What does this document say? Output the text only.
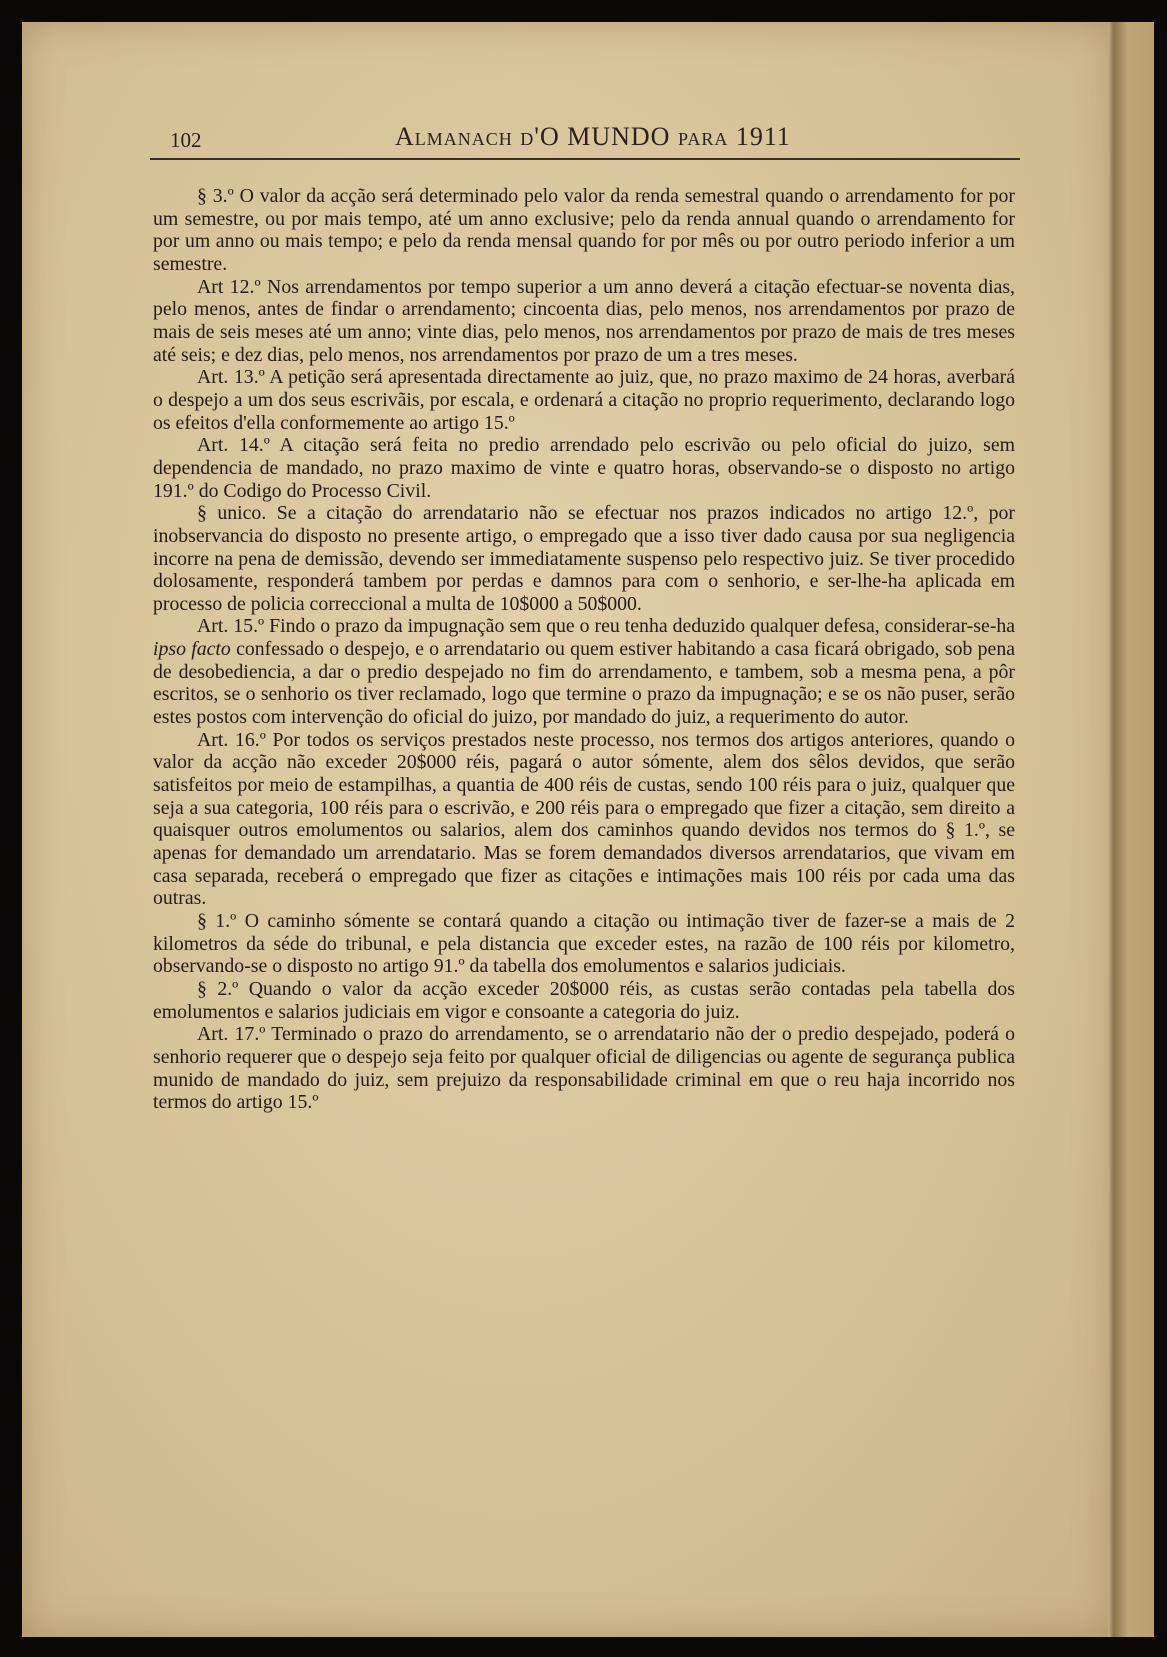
102	Almanach d'O MUNDO para 1911

§ 3.º O valor da acção será determinado pelo valor da renda semestral quando o arrendamento for por um semestre, ou por mais tempo, até um anno exclusive; pelo da renda annual quando o arrendamento for por um anno ou mais tempo; e pelo da renda mensal quando for por mês ou por outro periodo inferior a um semestre.

Art 12.º Nos arrendamentos por tempo superior a um anno deverá a citação efectuar-se noventa dias, pelo menos, antes de findar o arrendamento; cincoenta dias, pelo menos, nos arrendamentos por prazo de mais de seis meses até um anno; vinte dias, pelo menos, nos arrendamentos por prazo de mais de tres meses até seis; e dez dias, pelo menos, nos arrendamentos por prazo de um a tres meses.

Art. 13.º A petição será apresentada directamente ao juiz, que, no prazo maximo de 24 horas, averbará o despejo a um dos seus escrivãis, por escala, e ordenará a citação no proprio requerimento, declarando logo os efeitos d'ella conformemente ao artigo 15.º

Art. 14.º A citação será feita no predio arrendado pelo escrivão ou pelo oficial do juizo, sem dependencia de mandado, no prazo maximo de vinte e quatro horas, observando-se o disposto no artigo 191.º do Codigo do Processo Civil.

§ unico. Se a citação do arrendatario não se efectuar nos prazos indicados no artigo 12.º, por inobservancia do disposto no presente artigo, o empregado que a isso tiver dado causa por sua negligencia incorre na pena de demissão, devendo ser immediatamente suspenso pelo respectivo juiz. Se tiver procedido dolosamente, responderá tambem por perdas e damnos para com o senhorio, e ser-lhe-ha aplicada em processo de policia correccional a multa de 10$000 a 50$000.

Art. 15.º Findo o prazo da impugnação sem que o reu tenha deduzido qualquer defesa, considerar-se-ha ipso facto confessado o despejo, e o arrendatario ou quem estiver habitando a casa ficará obrigado, sob pena de desobediencia, a dar o predio despejado no fim do arrendamento, e tambem, sob a mesma pena, a pôr escritos, se o senhorio os tiver reclamado, logo que termine o prazo da impugnação; e se os não puser, serão estes postos com intervenção do oficial do juizo, por mandado do juiz, a requerimento do autor.

Art. 16.º Por todos os serviços prestados neste processo, nos termos dos artigos anteriores, quando o valor da acção não exceder 20$000 réis, pagará o autor sómente, alem dos sêlos devidos, que serão satisfeitos por meio de estampilhas, a quantia de 400 réis de custas, sendo 100 réis para o juiz, qualquer que seja a sua categoria, 100 réis para o escrivão, e 200 réis para o empregado que fizer a citação, sem direito a quaisquer outros emolumentos ou salarios, alem dos caminhos quando devidos nos termos do § 1.º, se apenas for demandado um arrendatario. Mas se forem demandados diversos arrendatarios, que vivam em casa separada, receberá o empregado que fizer as citações e intimações mais 100 réis por cada uma das outras.

§ 1.º O caminho sómente se contará quando a citação ou intimação tiver de fazer-se a mais de 2 kilometros da séde do tribunal, e pela distancia que exceder estes, na razão de 100 réis por kilometro, observando-se o disposto no artigo 91.º da tabella dos emolumentos e salarios judiciais.

§ 2.º Quando o valor da acção exceder 20$000 réis, as custas serão contadas pela tabella dos emolumentos e salarios judiciais em vigor e consoante a categoria do juiz.

Art. 17.º Terminado o prazo do arrendamento, se o arrendatario não der o predio despejado, poderá o senhorio requerer que o despejo seja feito por qualquer oficial de diligencias ou agente de segurança publica munido de mandado do juiz, sem prejuizo da responsabilidade criminal em que o reu haja incorrido nos termos do artigo 15.º
